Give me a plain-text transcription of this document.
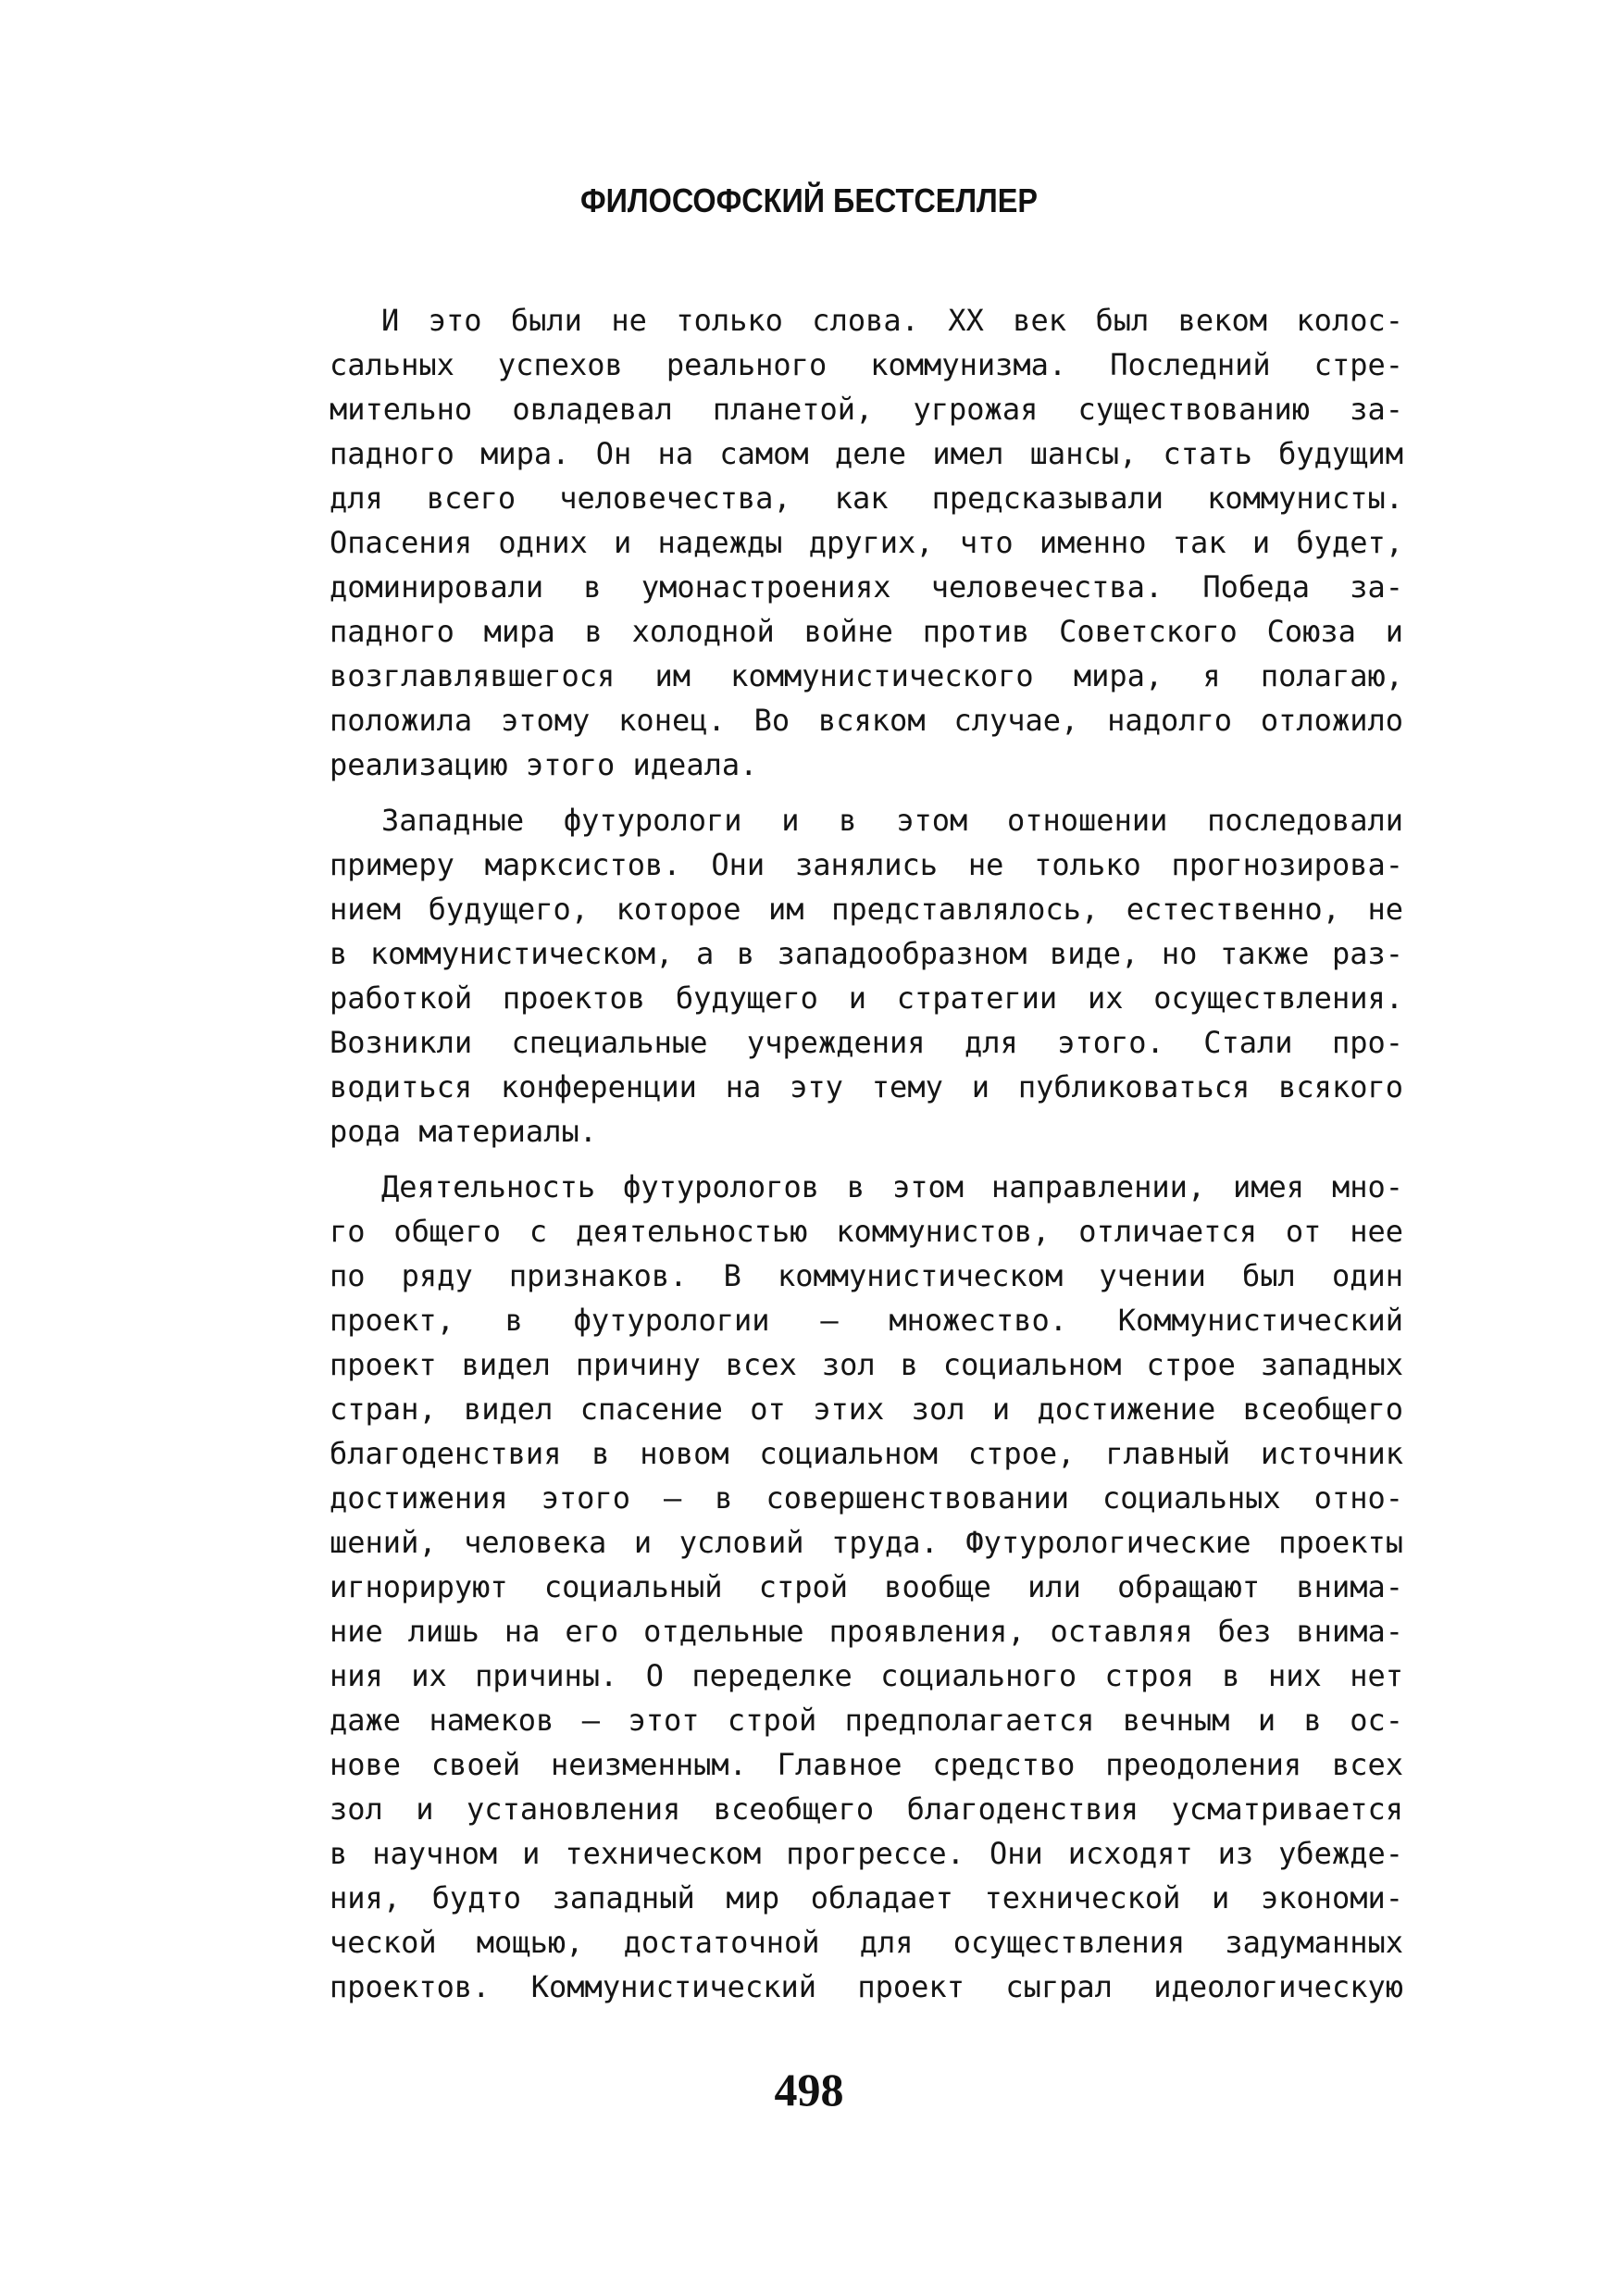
ФИЛОСОФСКИЙ БЕСТСЕЛЛЕР

И это были не только слова. XX век был веком колос-
сальных успехов реального коммунизма. Последний стре-
мительно овладевал планетой, угрожая существованию за-
падного мира. Он на самом деле имел шансы, стать будущим
для всего человечества, как предсказывали коммунисты.
Опасения одних и надежды других, что именно так и будет,
доминировали в умонастроениях человечества. Победа за-
падного мира в холодной войне против Советского Союза и
возглавлявшегося им коммунистического мира, я полагаю,
положила этому конец. Во всяком случае, надолго отложило
реализацию этого идеала.

Западные футурологи и в этом отношении последовали
примеру марксистов. Они занялись не только прогнозирова-
нием будущего, которое им представлялось, естественно, не
в коммунистическом, а в западообразном виде, но также раз-
работкой проектов будущего и стратегии их осуществления.
Возникли специальные учреждения для этого. Стали про-
водиться конференции на эту тему и публиковаться всякого
рода материалы.

Деятельность футурологов в этом направлении, имея мно-
го общего с деятельностью коммунистов, отличается от нее
по ряду признаков. В коммунистическом учении был один
проект, в футурологии — множество. Коммунистический
проект видел причину всех зол в социальном строе западных
стран, видел спасение от этих зол и достижение всеобщего
благоденствия в новом социальном строе, главный источник
достижения этого — в совершенствовании социальных отно-
шений, человека и условий труда. Футурологические проекты
игнорируют социальный строй вообще или обращают внима-
ние лишь на его отдельные проявления, оставляя без внима-
ния их причины. О переделке социального строя в них нет
даже намеков — этот строй предполагается вечным и в ос-
нове своей неизменным. Главное средство преодоления всех
зол и установления всеобщего благоденствия усматривается
в научном и техническом прогрессе. Они исходят из убежде-
ния, будто западный мир обладает технической и экономи-
ческой мощью, достаточной для осуществления задуманных
проектов. Коммунистический проект сыграл идеологическую

498
